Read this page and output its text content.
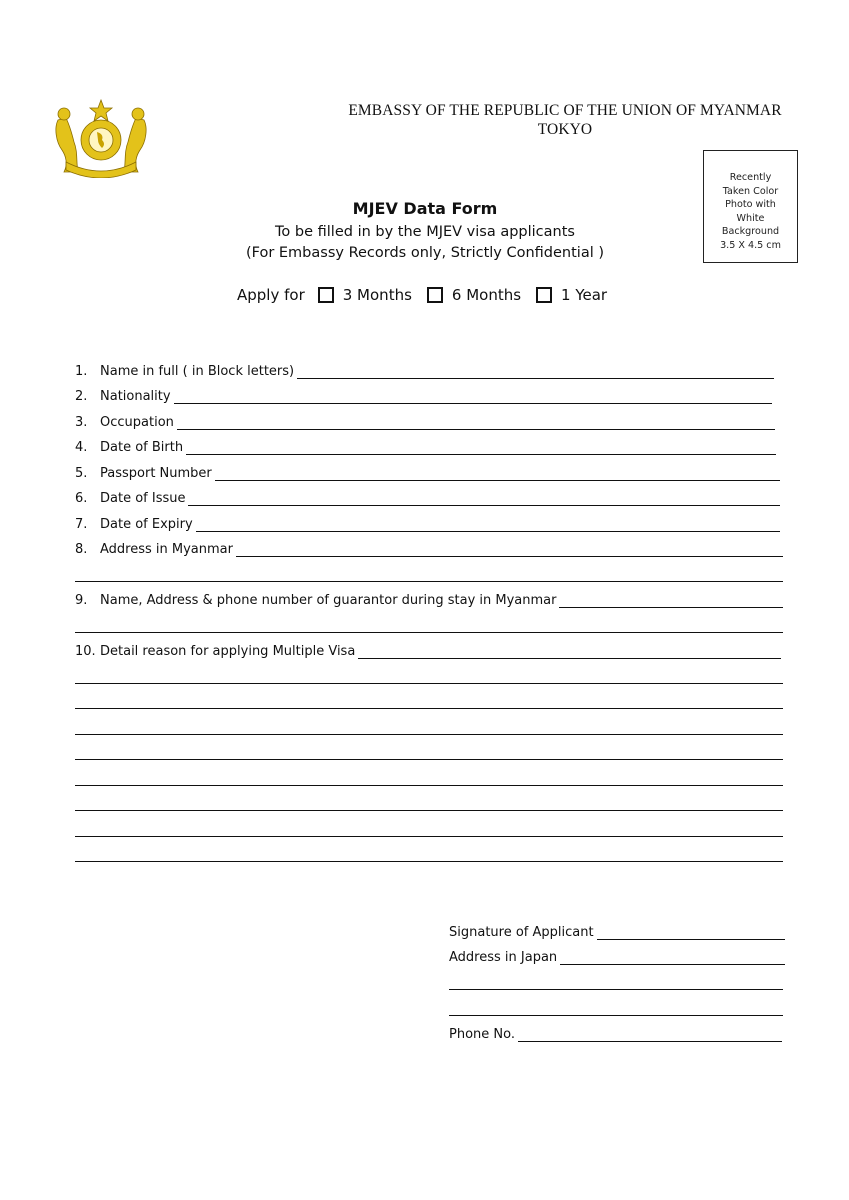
EMBASSY OF THE REPUBLIC OF THE UNION OF MYANMAR
TOKYO
Recently
Taken Color
Photo with
White
Background
3.5 X 4.5 cm
MJEV Data Form
To be filled in by the MJEV visa applicants
(For Embassy Records only, Strictly Confidential )
Apply for	3 Months	6 Months	1 Year
1. Name in full ( in Block letters)
2. Nationality
3. Occupation
4. Date of Birth
5. Passport Number
6. Date of Issue
7. Date of Expiry
8. Address in Myanmar
9. Name, Address & phone number of guarantor during stay in Myanmar
10. Detail reason for applying Multiple Visa
Signature of Applicant
Address in Japan
Phone No.
